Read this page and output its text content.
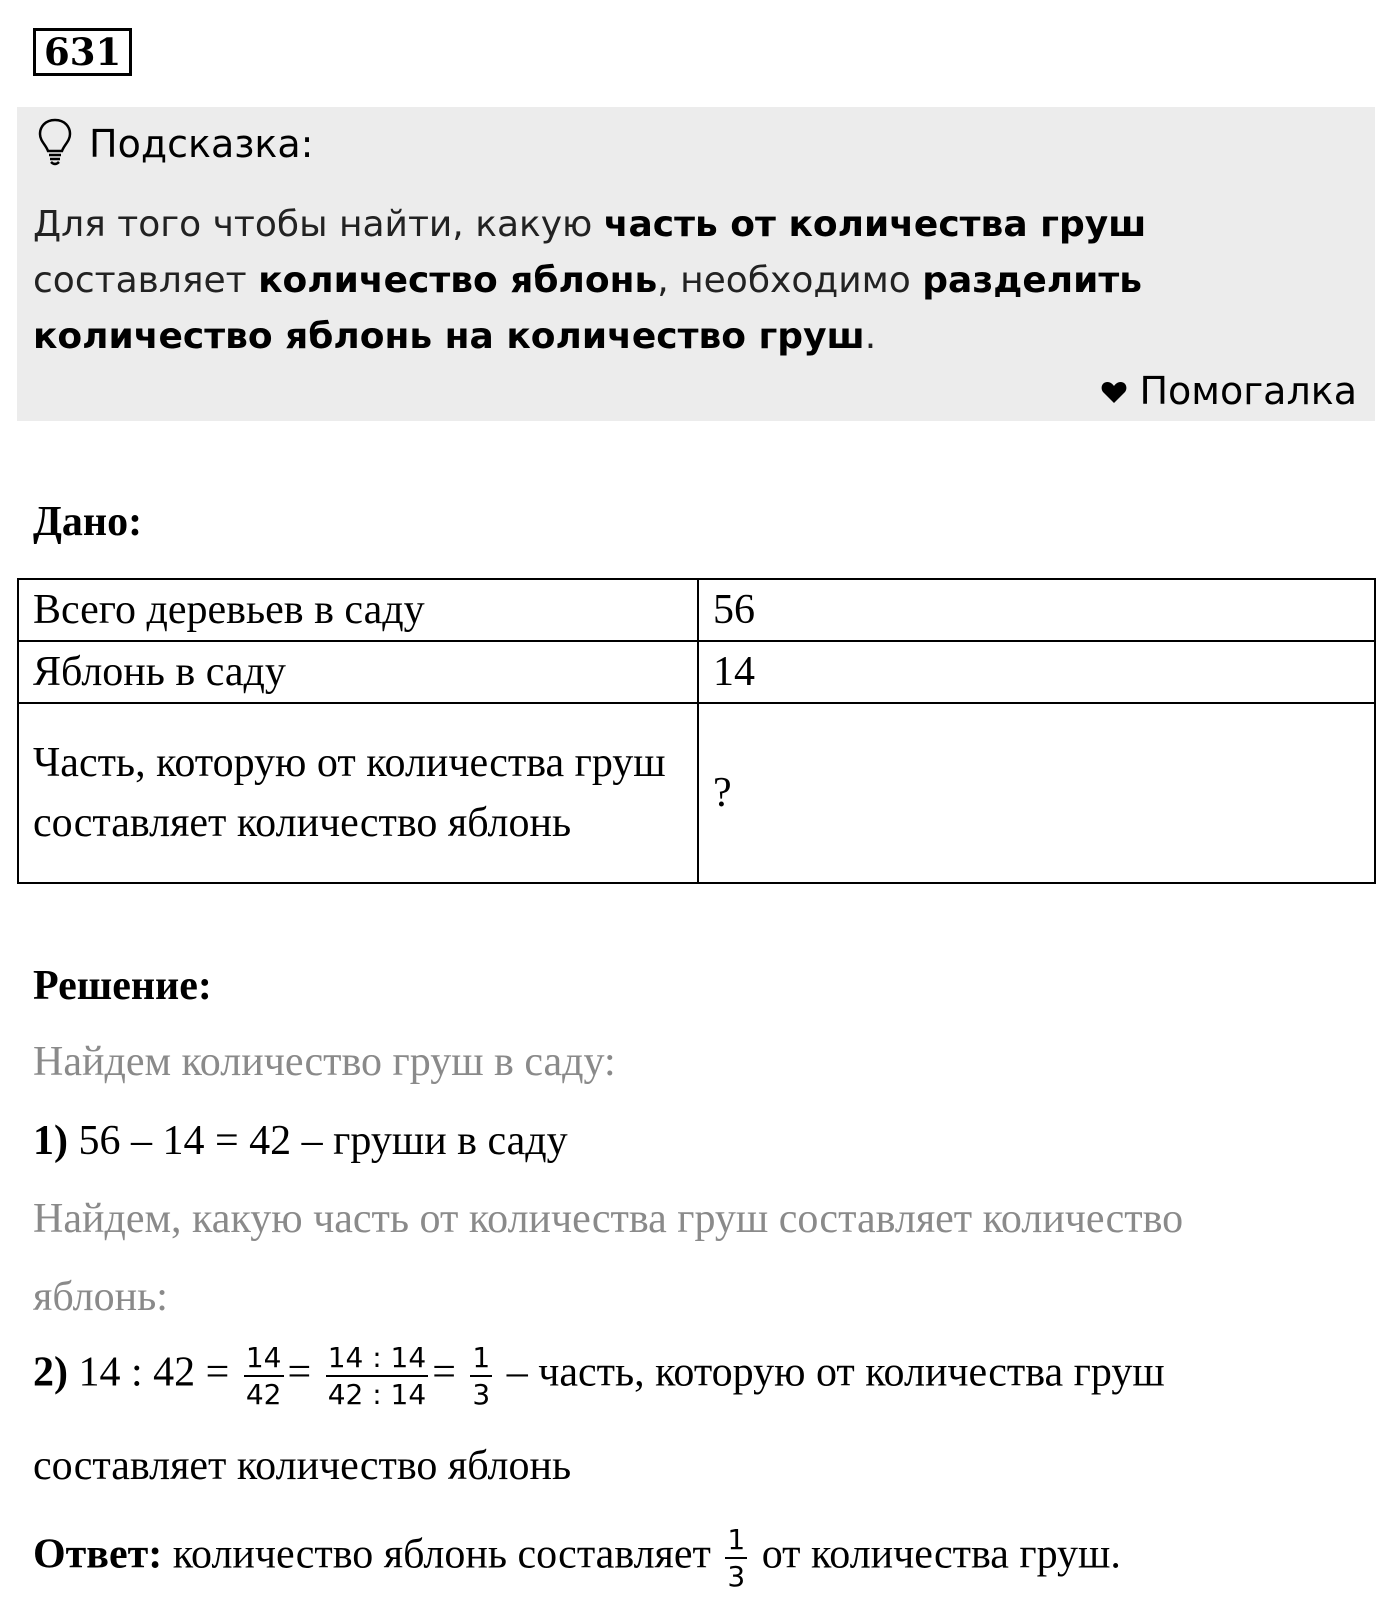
631
Подсказка:
Для того чтобы найти, какую часть от количества груш составляет количество яблонь, необходимо разделить количество яблонь на количество груш.
Помогалка
Дано:
Всего деревьев в саду	56
Яблонь в саду	14
Часть, которую от количества груш составляет количество яблонь	?
Решение:
Найдем количество груш в саду:
1) 56 – 14 = 42 – груши в саду
Найдем, какую часть от количества груш составляет количество
яблонь:
2) 14 : $42 = \frac{14}{42} = \frac{14 : 14}{42 : 14} = \frac{1}{3}$ – часть, которую от количества груш
составляет количество яблонь
Ответ: количество яблонь составляет $\frac{1}{3}$ от количества груш.
